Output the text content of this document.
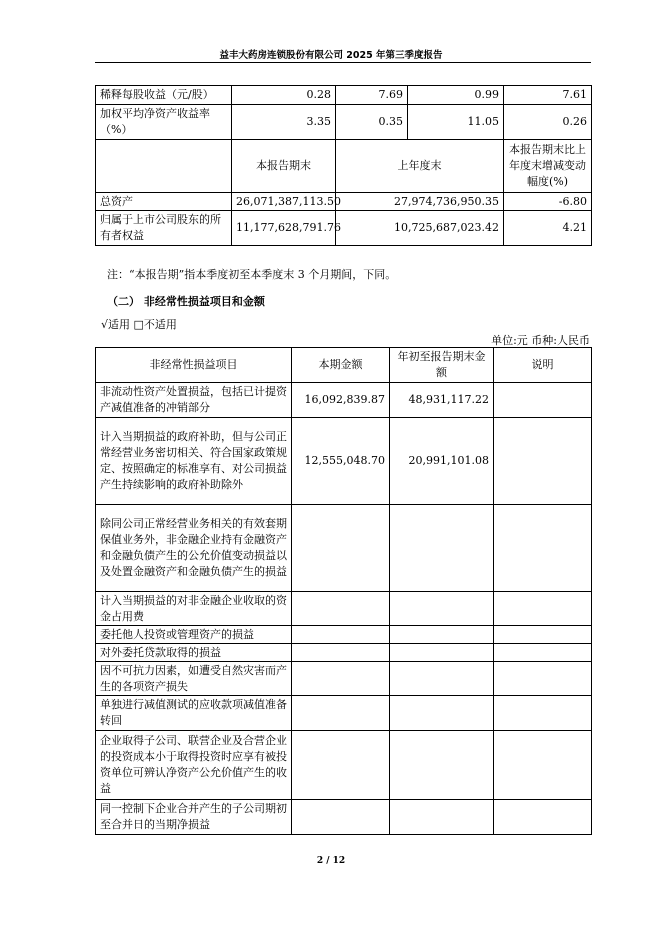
益丰大药房连锁股份有限公司 2025 年第三季度报告
稀释每股收益（元/股）	0.28	7.69	0.99	7.61
加权平均净资产收益率（%）	3.35	0.35	11.05	0.26
	本报告期末	上年度末		本报告期末比上年度末增减变动幅度(%)
总资产	26,071,387,113.50	27,974,736,950.35		-6.80
归属于上市公司股东的所有者权益	11,177,628,791.76	10,725,687,023.42		4.21
注：“本报告期”指本季度初至本季度末 3 个月期间，下同。
（二） 非经常性损益项目和金额
√适用 □不适用
单位:元 币种:人民币
非经常性损益项目	本期金额	年初至报告期末金额	说明
非流动性资产处置损益，包括已计提资产减值准备的冲销部分	16,092,839.87	48,931,117.22	
计入当期损益的政府补助，但与公司正常经营业务密切相关、符合国家政策规定、按照确定的标准享有、对公司损益产生持续影响的政府补助除外	12,555,048.70	20,991,101.08	
除同公司正常经营业务相关的有效套期保值业务外，非金融企业持有金融资产和金融负债产生的公允价值变动损益以及处置金融资产和金融负债产生的损益			
计入当期损益的对非金融企业收取的资金占用费			
委托他人投资或管理资产的损益			
对外委托贷款取得的损益			
因不可抗力因素，如遭受自然灾害而产生的各项资产损失			
单独进行减值测试的应收款项减值准备转回			
企业取得子公司、联营企业及合营企业的投资成本小于取得投资时应享有被投资单位可辨认净资产公允价值产生的收益			
同一控制下企业合并产生的子公司期初至合并日的当期净损益			
2 / 12
